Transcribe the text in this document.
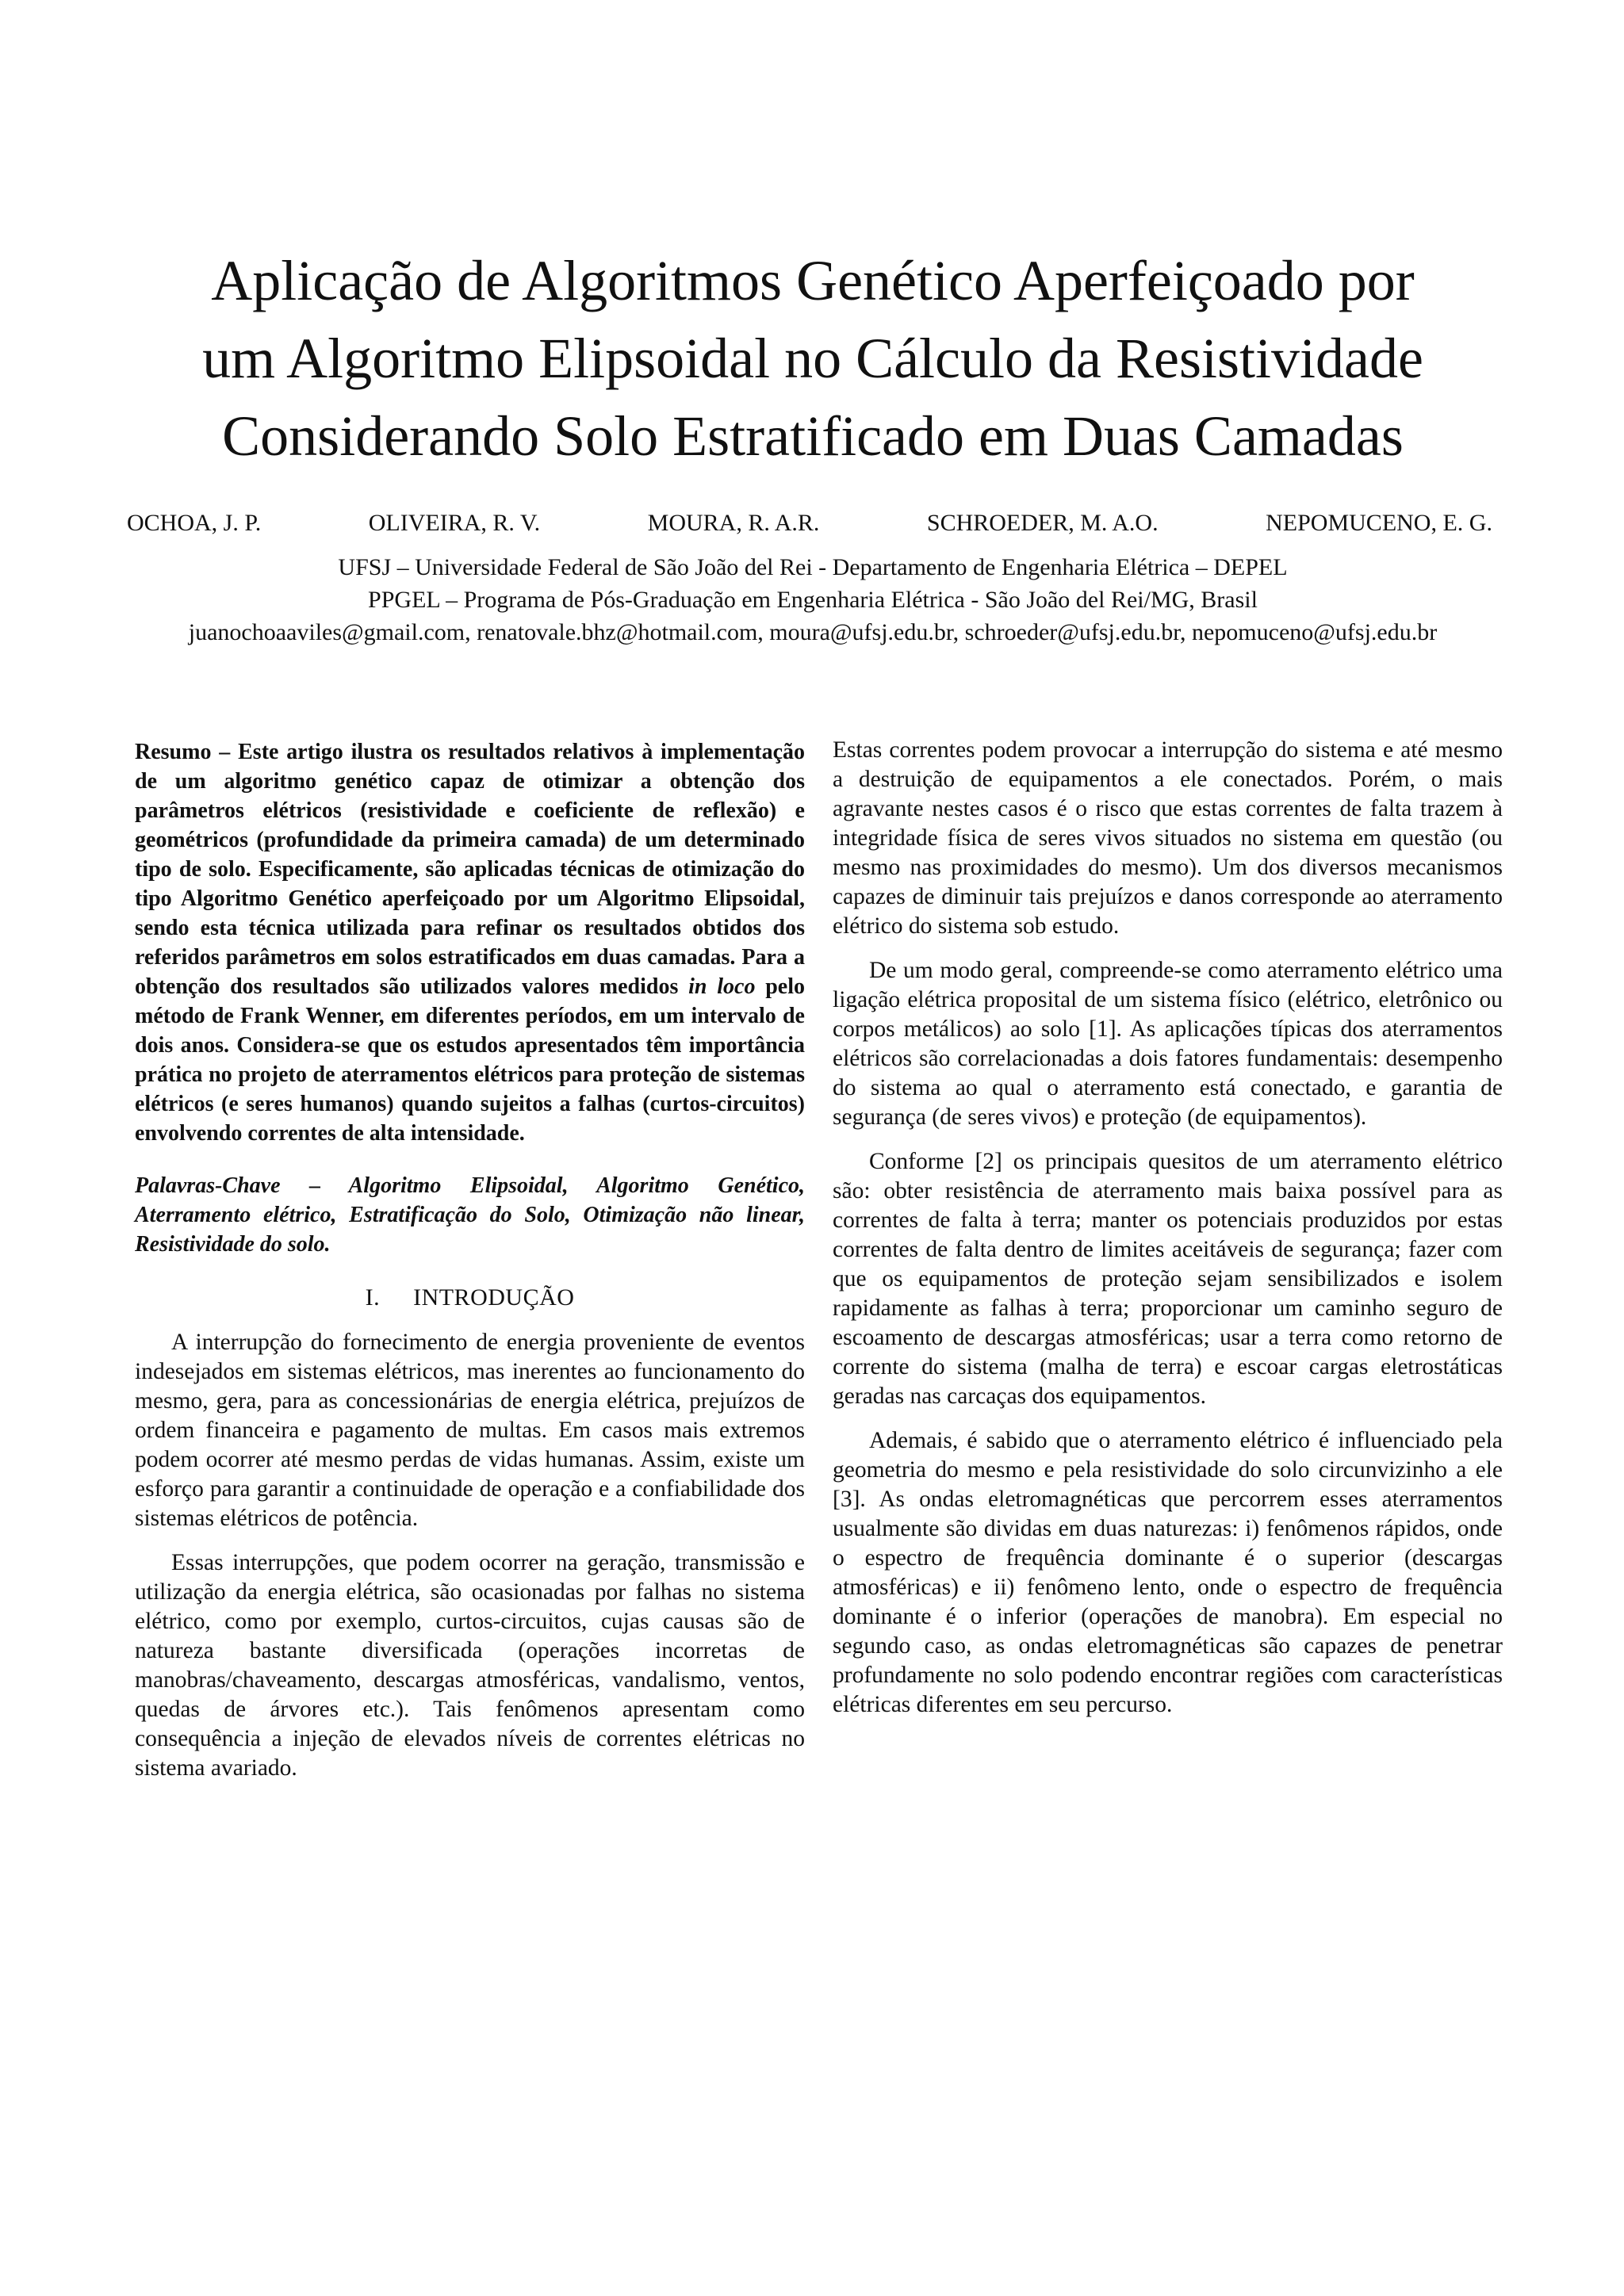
Aplicação de Algoritmos Genético Aperfeiçoado por
um Algoritmo Elipsoidal no Cálculo da Resistividade
Considerando Solo Estratificado em Duas Camadas
OCHOA, J. P.	OLIVEIRA, R. V.	MOURA, R. A.R.	SCHROEDER, M. A.O.	NEPOMUCENO, E. G.
UFSJ – Universidade Federal de São João del Rei - Departamento de Engenharia Elétrica – DEPEL
PPGEL – Programa de Pós-Graduação em Engenharia Elétrica - São João del Rei/MG, Brasil
juanochoaaviles@gmail.com, renatovale.bhz@hotmail.com, moura@ufsj.edu.br, schroeder@ufsj.edu.br, nepomuceno@ufsj.edu.br

Resumo – Este artigo ilustra os resultados relativos à implementação de um algoritmo genético capaz de otimizar a obtenção dos parâmetros elétricos (resistividade e coeficiente de reflexão) e geométricos (profundidade da primeira camada) de um determinado tipo de solo. Especificamente, são aplicadas técnicas de otimização do tipo Algoritmo Genético aperfeiçoado por um Algoritmo Elipsoidal, sendo esta técnica utilizada para refinar os resultados obtidos dos referidos parâmetros em solos estratificados em duas camadas. Para a obtenção dos resultados são utilizados valores medidos in loco pelo método de Frank Wenner, em diferentes períodos, em um intervalo de dois anos. Considera-se que os estudos apresentados têm importância prática no projeto de aterramentos elétricos para proteção de sistemas elétricos (e seres humanos) quando sujeitos a falhas (curtos-circuitos) envolvendo correntes de alta intensidade.

Palavras-Chave – Algoritmo Elipsoidal, Algoritmo Genético, Aterramento elétrico, Estratificação do Solo, Otimização não linear, Resistividade do solo.

I. INTRODUÇÃO

A interrupção do fornecimento de energia proveniente de eventos indesejados em sistemas elétricos, mas inerentes ao funcionamento do mesmo, gera, para as concessionárias de energia elétrica, prejuízos de ordem financeira e pagamento de multas. Em casos mais extremos podem ocorrer até mesmo perdas de vidas humanas. Assim, existe um esforço para garantir a continuidade de operação e a confiabilidade dos sistemas elétricos de potência.

Essas interrupções, que podem ocorrer na geração, transmissão e utilização da energia elétrica, são ocasionadas por falhas no sistema elétrico, como por exemplo, curtos-circuitos, cujas causas são de natureza bastante diversificada (operações incorretas de manobras/chaveamento, descargas atmosféricas, vandalismo, ventos, quedas de árvores etc.). Tais fenômenos apresentam como consequência a injeção de elevados níveis de correntes elétricas no sistema avariado.

Estas correntes podem provocar a interrupção do sistema e até mesmo a destruição de equipamentos a ele conectados. Porém, o mais agravante nestes casos é o risco que estas correntes de falta trazem à integridade física de seres vivos situados no sistema em questão (ou mesmo nas proximidades do mesmo). Um dos diversos mecanismos capazes de diminuir tais prejuízos e danos corresponde ao aterramento elétrico do sistema sob estudo.

De um modo geral, compreende-se como aterramento elétrico uma ligação elétrica proposital de um sistema físico (elétrico, eletrônico ou corpos metálicos) ao solo [1]. As aplicações típicas dos aterramentos elétricos são correlacionadas a dois fatores fundamentais: desempenho do sistema ao qual o aterramento está conectado, e garantia de segurança (de seres vivos) e proteção (de equipamentos).

Conforme [2] os principais quesitos de um aterramento elétrico são: obter resistência de aterramento mais baixa possível para as correntes de falta à terra; manter os potenciais produzidos por estas correntes de falta dentro de limites aceitáveis de segurança; fazer com que os equipamentos de proteção sejam sensibilizados e isolem rapidamente as falhas à terra; proporcionar um caminho seguro de escoamento de descargas atmosféricas; usar a terra como retorno de corrente do sistema (malha de terra) e escoar cargas eletrostáticas geradas nas carcaças dos equipamentos.

Ademais, é sabido que o aterramento elétrico é influenciado pela geometria do mesmo e pela resistividade do solo circunvizinho a ele [3]. As ondas eletromagnéticas que percorrem esses aterramentos usualmente são dividas em duas naturezas: i) fenômenos rápidos, onde o espectro de frequência dominante é o superior (descargas atmosféricas) e ii) fenômeno lento, onde o espectro de frequência dominante é o inferior (operações de manobra). Em especial no segundo caso, as ondas eletromagnéticas são capazes de penetrar profundamente no solo podendo encontrar regiões com características elétricas diferentes em seu percurso.
